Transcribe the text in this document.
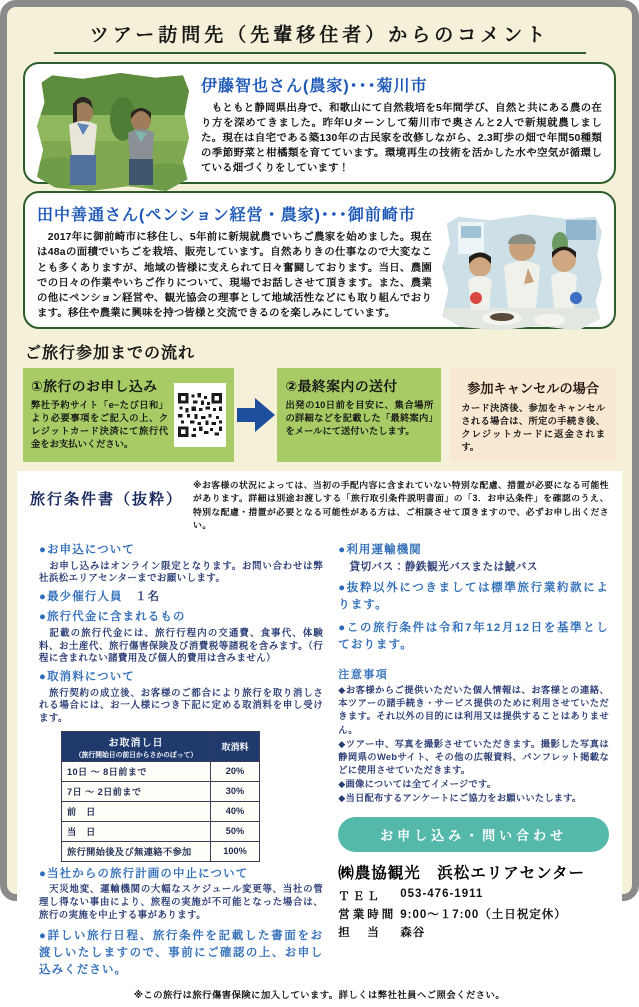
ツアー訪問先（先輩移住者）からのコメント
伊藤智也さん(農家)･･･菊川市
　もともと静岡県出身で、和歌山にて自然栽培を5年間学び、自然と共にある農の在り方を深めてきました。昨年Uターンして菊川市で奥さんと2人で新規就農しました。現在は自宅である築130年の古民家を改修しながら、2.3町歩の畑で年間50種類の季節野菜と柑橘類を育てています。環境再生の技術を活かした水や空気が循環している畑づくりをしています！
田中善通さん(ペンション経営・農家)･･･御前崎市
　2017年に御前崎市に移住し、5年前に新規就農でいちご農家を始めました。現在は48aの面積でいちごを栽培、販売しています。自然ありきの仕事なので大変なことも多くありますが、地域の皆様に支えられて日々奮闘しております。当日、農園での日々の作業やいちご作りについて、現場でお話しさせて頂きます。また、農業の他にペンション経営や、観光協会の理事として地域活性などにも取り組んでおります。移住や農業に興味を持つ皆様と交流できるのを楽しみにしています。
ご旅行参加までの流れ
①旅行のお申し込み
弊社予約サイト「e−たび日和」より必要事項をご記入の上、クレジットカード決済にて旅行代金をお支払いください。
②最終案内の送付
出発の10日前を目安に、集合場所の詳細などを記載した「最終案内」をメールにて送付いたします。
参加キャンセルの場合
カード決済後、参加をキャンセルされる場合は、所定の手続き後、クレジットカードに返金されます。
旅行条件書（抜粋）
※お客様の状況によっては、当初の手配内容に含まれていない特別な配慮、措置が必要になる可能性があります。詳細は別途お渡しする「旅行取引条件説明書面」の「3．お申込条件」を確認のうえ、特別な配慮・措置が必要となる可能性がある方は、ご相談させて頂きますので、必ずお申し出ください。
●お申込について

　お申し込みはオンライン限定となります。お問い合わせは弊社浜松エリアセンターまでお願いします。

●最少催行人員　１名
●旅行代金に含まれるもの

　記載の旅行代金には、旅行行程内の交通費、食事代、体験料、お土産代、旅行傷害保険及び消費税等諸税を含みます。（行程に含まれない諸費用及び個人的費用は含みません）

●取消料について

　旅行契約の成立後、お客様のご都合により旅行を取り消しされる場合には、お一人様につき下記に定める取消料を申し受けます。

お取消し日
（旅行開始日の前日からさかのぼって）	取消料
10日 ～ 8日前まで	20%
7日 ～ 2日前まで	30%
前　日	40%
当　日	50%
旅行開始後及び無連絡不参加	100%
●当社からの旅行計画の中止について

　天災地変、運輸機関の大幅なスケジュール変更等、当社の管理し得ない事由により、旅程の実施が不可能となった場合は、旅行の実施を中止する事があります。

●詳しい旅行日程、旅行条件を記載した書面をお渡しいたしますので、事前にご確認の上、お申し込みください。

●利用運輸機関

　貸切バス：静鉄観光バスまたは鯱バス

●抜粋以外につきましては標準旅行業約款によります。

●この旅行条件は令和7年12月12日を基準としております。

注意事項

◆お客様からご提供いただいた個人情報は、お客様との連絡、本ツアーの諸手続き・サービス提供のために利用させていただきます。それ以外の目的には利用又は提供することはありません。

◆ツアー中、写真を撮影させていただきます。撮影した写真は静岡県のWebサイト、その他の広報資料、パンフレット掲載などに使用させていただきます。

◆画像については全てイメージです。

◆当日配布するアンケートにご協力をお願いいたします。

お申し込み・問い合わせ
㈱農協観光　浜松エリアセンター
ＴＥＬ	053-476-1911
営業時間 9:00～１7:00（土日祝定休）
担　当	森谷
※この旅行は旅行傷害保険に加入しています。詳しくは弊社社員へご照会ください。
